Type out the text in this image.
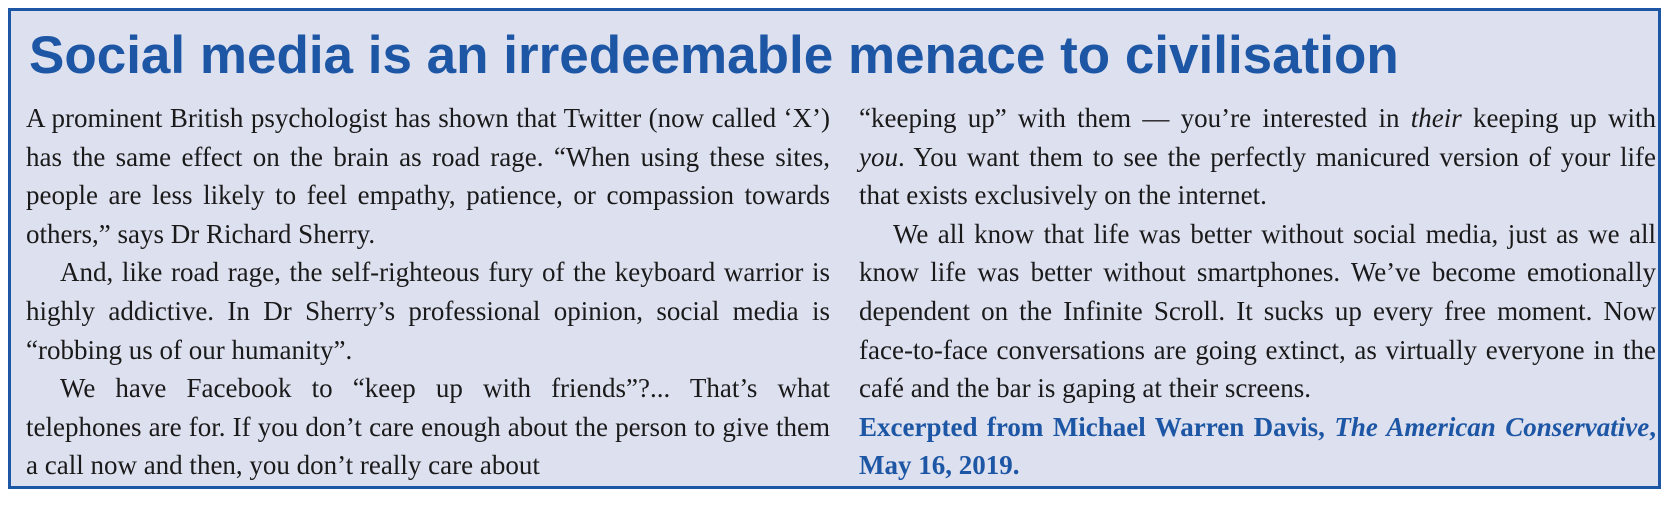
Social media is an irredeemable menace to civilisation

A prominent British psychologist has shown that Twitter (now called ‘X’) has the same effect on the brain as road rage. “When using these sites, people are less likely to feel empathy, patience, or compassion towards others,” says Dr Richard Sherry.

And, like road rage, the self-righteous fury of the keyboard warrior is highly addictive. In Dr Sherry’s professional opinion, social media is “robbing us of our humanity”.

We have Facebook to “keep up with friends”?... That’s what telephones are for. If you don’t care enough about the person to give them a call now and then, you don’t really care about

“keeping up” with them — you’re interested in their keeping up with you. You want them to see the perfectly manicured version of your life that exists exclusively on the internet.

We all know that life was better without social media, just as we all know life was better without smartphones. We’ve become emotionally dependent on the Infinite Scroll. It sucks up every free moment. Now face-to-face conversations are going extinct, as virtually everyone in the café and the bar is gaping at their screens.

Excerpted from Michael Warren Davis, The American Conservative, May 16, 2019.
